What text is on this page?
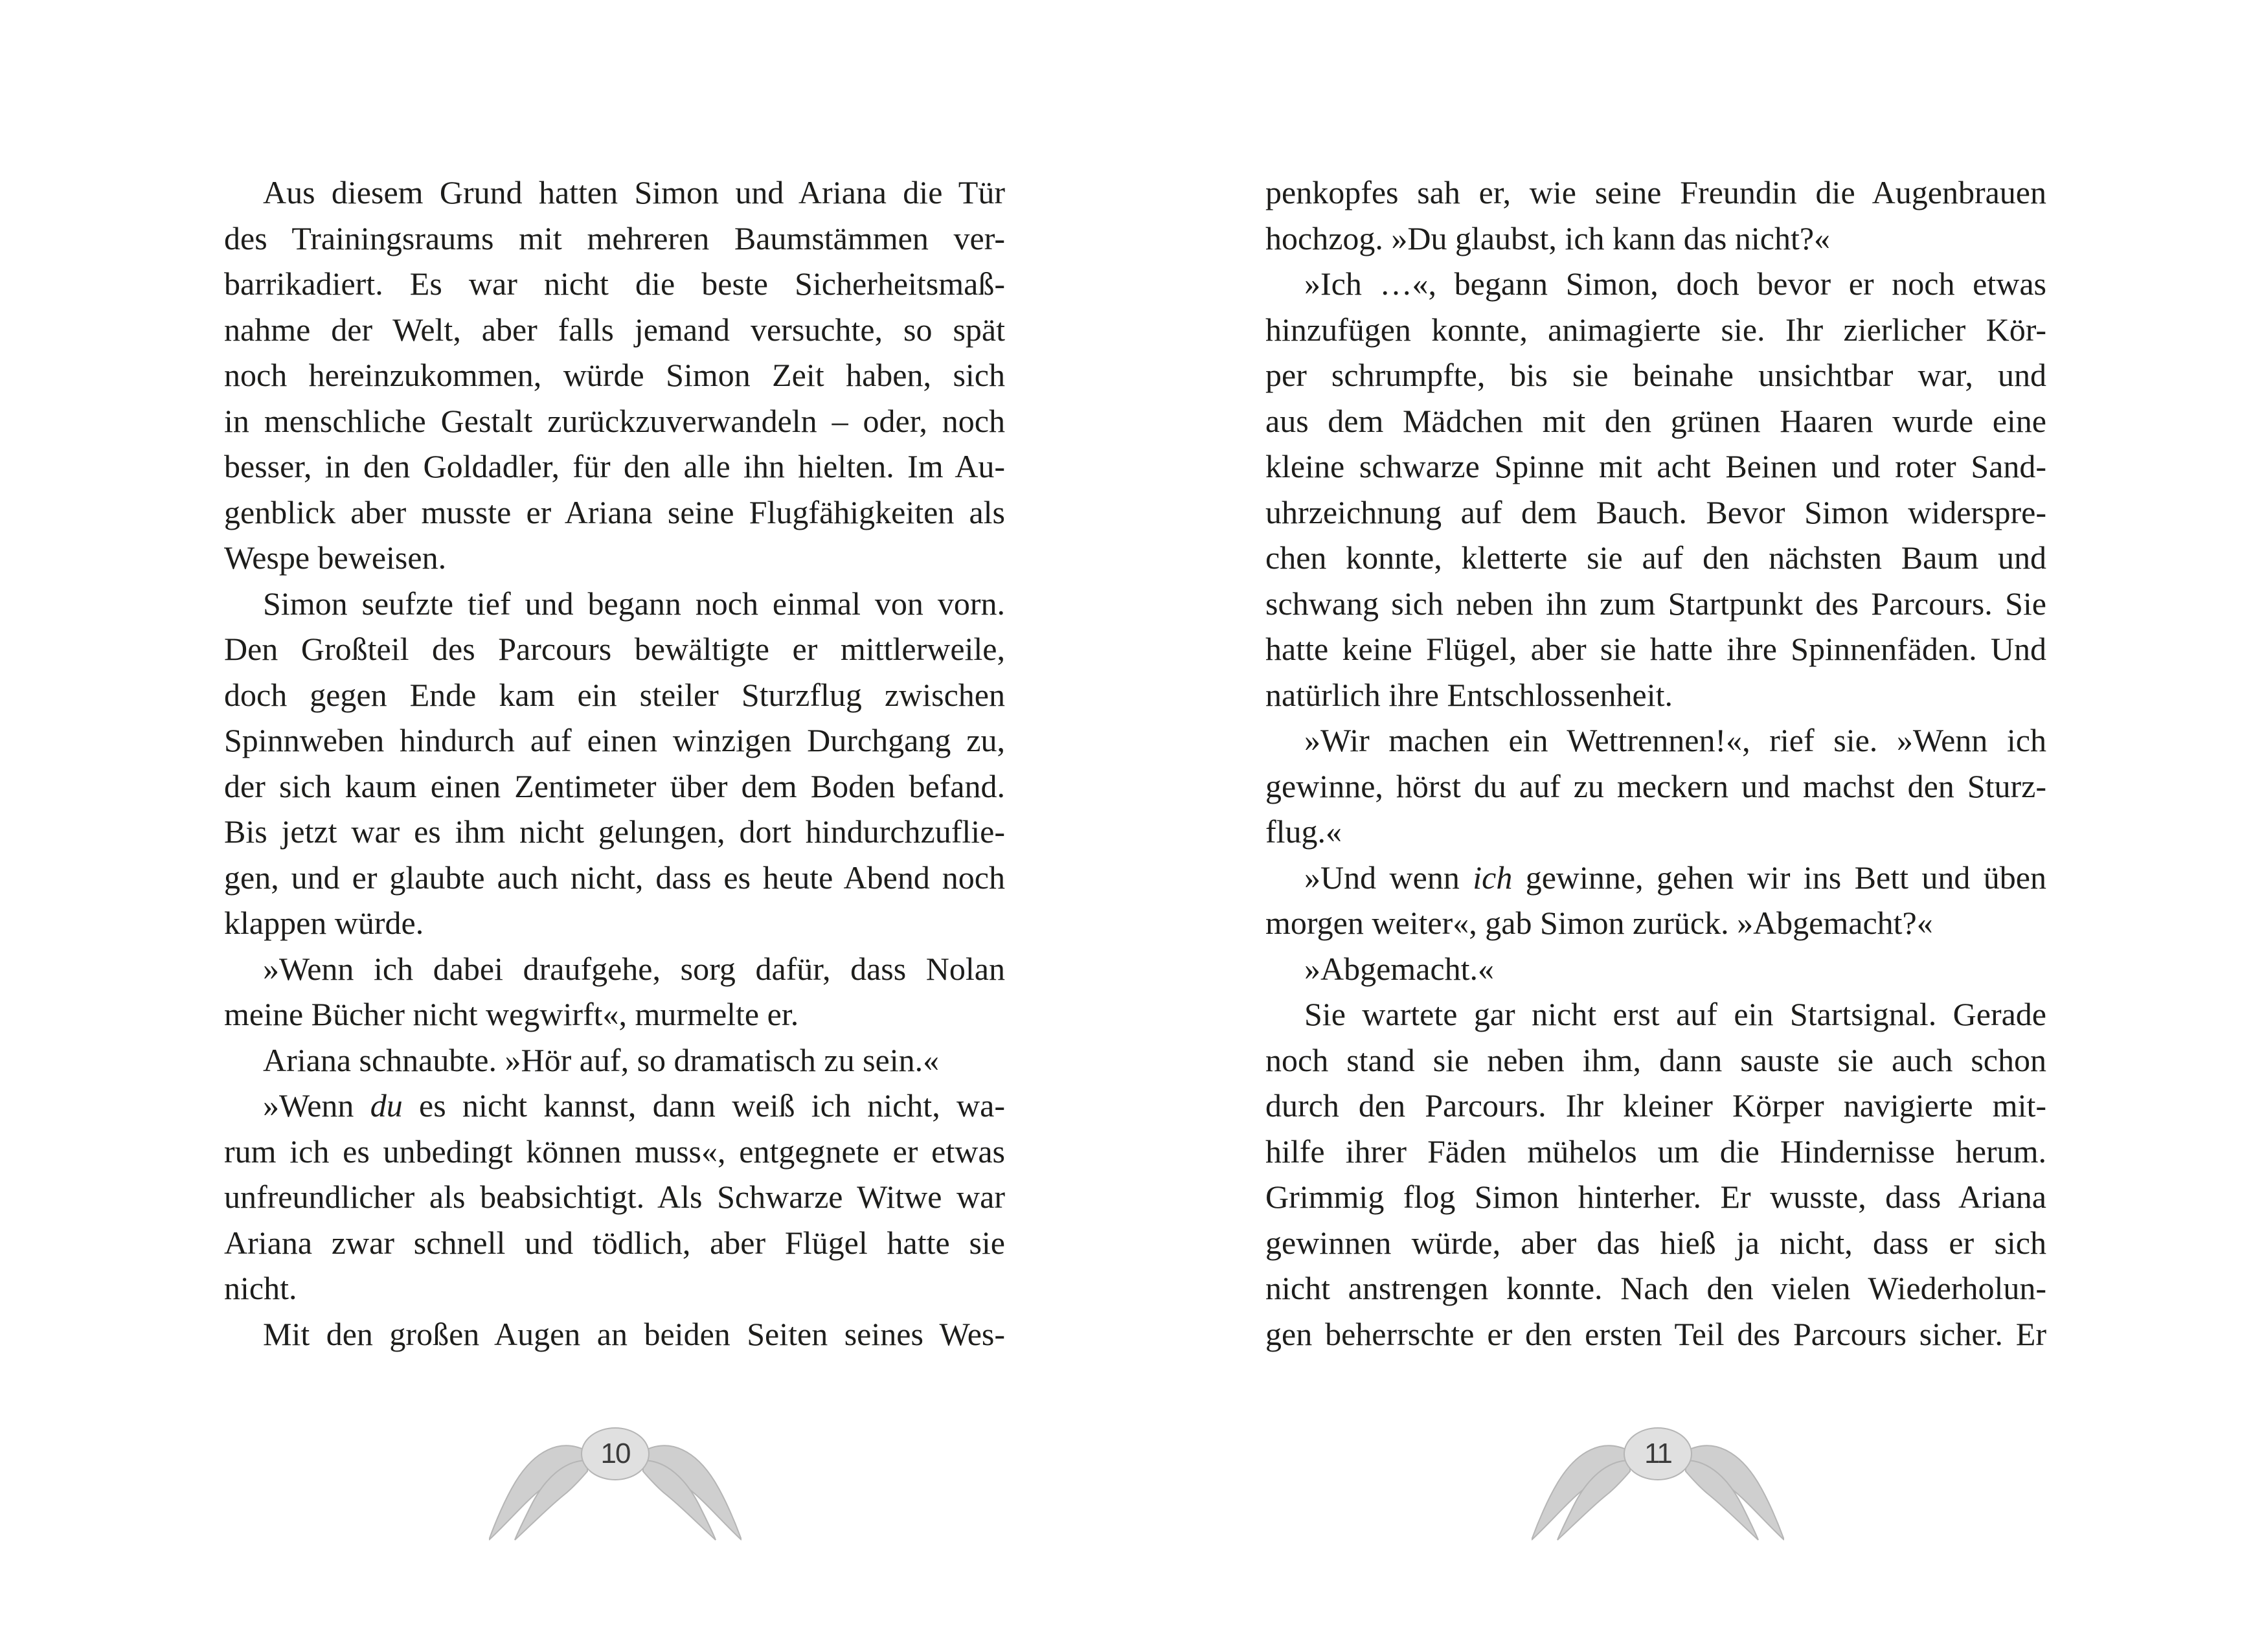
Aus diesem Grund hatten Simon und Ariana die Tür
des Trainingsraums mit mehreren Baumstämmen ver-
barrikadiert. Es war nicht die beste Sicherheitsmaß-
nahme der Welt, aber falls jemand versuchte, so spät
noch hereinzukommen, würde Simon Zeit haben, sich
in menschliche Gestalt zurückzuverwandeln – oder, noch
besser, in den Goldadler, für den alle ihn hielten. Im Au-
genblick aber musste er Ariana seine Flugfähigkeiten als
Wespe beweisen.
Simon seufzte tief und begann noch einmal von vorn.
Den Großteil des Parcours bewältigte er mittlerweile,
doch gegen Ende kam ein steiler Sturzflug zwischen
Spinnweben hindurch auf einen winzigen Durchgang zu,
der sich kaum einen Zentimeter über dem Boden befand.
Bis jetzt war es ihm nicht gelungen, dort hindurchzuflie-
gen, und er glaubte auch nicht, dass es heute Abend noch
klappen würde.
»Wenn ich dabei draufgehe, sorg dafür, dass Nolan
meine Bücher nicht wegwirft«, murmelte er.
Ariana schnaubte. »Hör auf, so dramatisch zu sein.«
»Wenn du es nicht kannst, dann weiß ich nicht, wa-
rum ich es unbedingt können muss«, entgegnete er etwas
unfreundlicher als beabsichtigt. Als Schwarze Witwe war
Ariana zwar schnell und tödlich, aber Flügel hatte sie
nicht.
Mit den großen Augen an beiden Seiten seines Wes-
penkopfes sah er, wie seine Freundin die Augenbrauen
hochzog. »Du glaubst, ich kann das nicht?«
»Ich …«, begann Simon, doch bevor er noch etwas
hinzufügen konnte, animagierte sie. Ihr zierlicher Kör-
per schrumpfte, bis sie beinahe unsichtbar war, und
aus dem Mädchen mit den grünen Haaren wurde eine
kleine schwarze Spinne mit acht Beinen und roter Sand-
uhrzeichnung auf dem Bauch. Bevor Simon widerspre-
chen konnte, kletterte sie auf den nächsten Baum und
schwang sich neben ihn zum Startpunkt des Parcours. Sie
hatte keine Flügel, aber sie hatte ihre Spinnenfäden. Und
natürlich ihre Entschlossenheit.
»Wir machen ein Wettrennen!«, rief sie. »Wenn ich
gewinne, hörst du auf zu meckern und machst den Sturz-
flug.«
»Und wenn ich gewinne, gehen wir ins Bett und üben
morgen weiter«, gab Simon zurück. »Abgemacht?«
»Abgemacht.«
Sie wartete gar nicht erst auf ein Startsignal. Gerade
noch stand sie neben ihm, dann sauste sie auch schon
durch den Parcours. Ihr kleiner Körper navigierte mit-
hilfe ihrer Fäden mühelos um die Hindernisse herum.
Grimmig flog Simon hinterher. Er wusste, dass Ariana
gewinnen würde, aber das hieß ja nicht, dass er sich
nicht anstrengen konnte. Nach den vielen Wiederholun-
gen beherrschte er den ersten Teil des Parcours sicher. Er
10	11
